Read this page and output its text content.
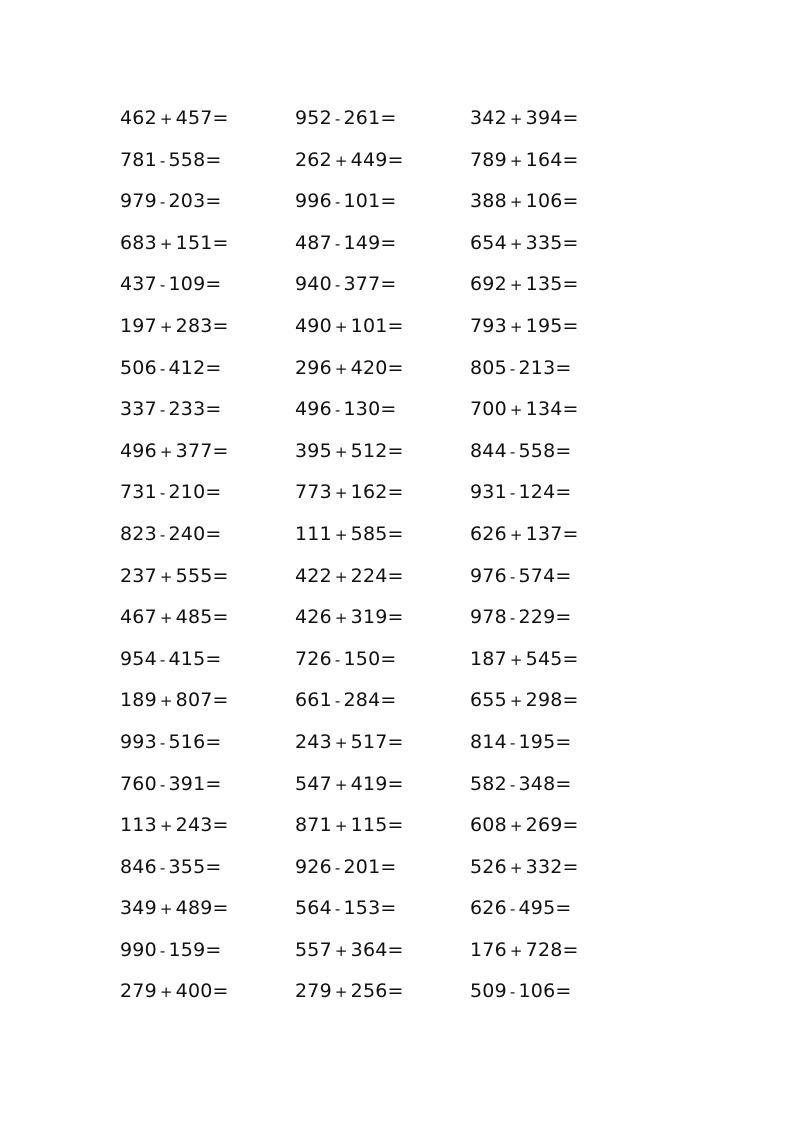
462 + 457=	952 - 261=	342 + 394=
781 - 558=	262 + 449=	789 + 164=
979 - 203=	996 - 101=	388 + 106=
683 + 151=	487 - 149=	654 + 335=
437 - 109=	940 - 377=	692 + 135=
197 + 283=	490 + 101=	793 + 195=
506 - 412=	296 + 420=	805 - 213=
337 - 233=	496 - 130=	700 + 134=
496 + 377=	395 + 512=	844 - 558=
731 - 210=	773 + 162=	931 - 124=
823 - 240=	111 + 585=	626 + 137=
237 + 555=	422 + 224=	976 - 574=
467 + 485=	426 + 319=	978 - 229=
954 - 415=	726 - 150=	187 + 545=
189 + 807=	661 - 284=	655 + 298=
993 - 516=	243 + 517=	814 - 195=
760 - 391=	547 + 419=	582 - 348=
113 + 243=	871 + 115=	608 + 269=
846 - 355=	926 - 201=	526 + 332=
349 + 489=	564 - 153=	626 - 495=
990 - 159=	557 + 364=	176 + 728=
279 + 400=	279 + 256=	509 - 106=
